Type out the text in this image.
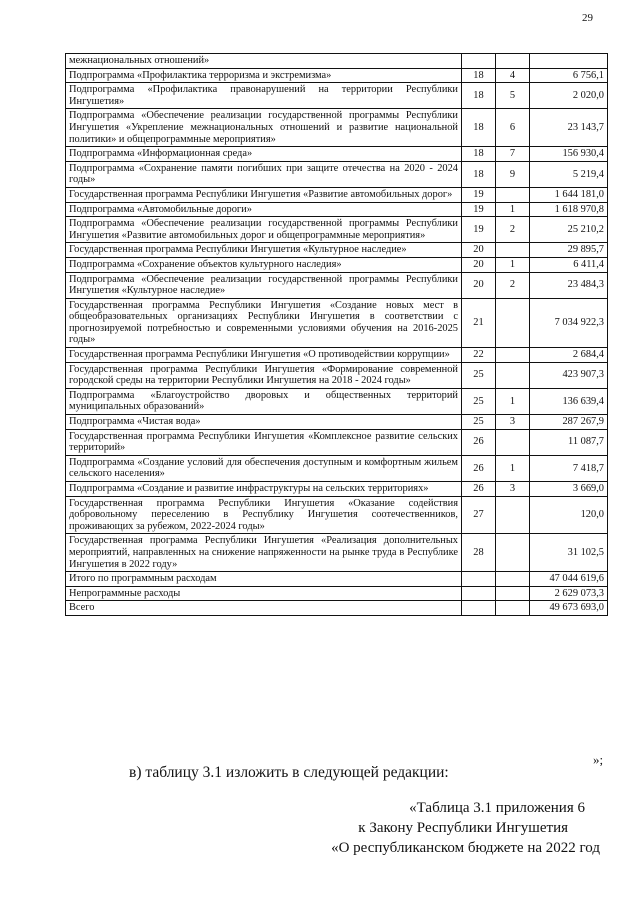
29
межнациональных отношений»			
Подпрограмма «Профилактика терроризма и экстремизма»	18	4	6 756,1
Подпрограмма «Профилактика правонарушений на территории Республики Ингушетия»	18	5	2 020,0
Подпрограмма «Обеспечение реализации государственной программы Республики Ингушетия «Укрепление межнациональных отношений и развитие национальной политики» и общепрограммные мероприятия»	18	6	23 143,7
Подпрограмма «Информационная среда»	18	7	156 930,4
Подпрограмма «Сохранение памяти погибших при защите отечества на 2020 - 2024 годы»	18	9	5 219,4
Государственная программа Республики Ингушетия «Развитие автомобильных дорог»	19		1 644 181,0
Подпрограмма «Автомобильные дороги»	19	1	1 618 970,8
Подпрограмма «Обеспечение реализации государственной программы Республики Ингушетия «Развитие автомобильных дорог и общепрограммные мероприятия»	19	2	25 210,2
Государственная программа Республики Ингушетия «Культурное наследие»	20		29 895,7
Подпрограмма «Сохранение объектов культурного наследия»	20	1	6 411,4
Подпрограмма «Обеспечение реализации государственной программы Республики Ингушетия «Культурное наследие»	20	2	23 484,3
Государственная программа Республики Ингушетия «Создание новых мест в общеобразовательных организациях Республики Ингушетия в соответствии с прогнозируемой потребностью и современными условиями обучения на 2016-2025 годы»	21		7 034 922,3
Государственная программа Республики Ингушетия «О противодействии коррупции»	22		2 684,4
Государственная программа Республики Ингушетия «Формирование современной городской среды на территории Республики Ингушетия на 2018 - 2024 годы»	25		423 907,3
Подпрограмма «Благоустройство дворовых и общественных территорий муниципальных образований»	25	1	136 639,4
Подпрограмма «Чистая вода»	25	3	287 267,9
Государственная программа Республики Ингушетия «Комплексное развитие сельских территорий»	26		11 087,7
Подпрограмма «Создание условий для обеспечения доступным и комфортным жильем сельского населения»	26	1	7 418,7
Подпрограмма «Создание и развитие инфраструктуры на сельских территориях»	26	3	3 669,0
Государственная программа Республики Ингушетия «Оказание содействия добровольному переселению в Республику Ингушетия соотечественников, проживающих за рубежом, 2022-2024 годы»	27		120,0
Государственная программа Республики Ингушетия «Реализация дополнительных мероприятий, направленных на снижение напряженности на рынке труда в Республике Ингушетия в 2022 году»	28		31 102,5
Итого по программным расходам			47 044 619,6
Непрограммные расходы			2 629 073,3
Всего			49 673 693,0
»;
в) таблицу 3.1 изложить в следующей редакции:
«Таблица 3.1 приложения 6
к Закону Республики Ингушетия
«О республиканском бюджете на 2022 год
